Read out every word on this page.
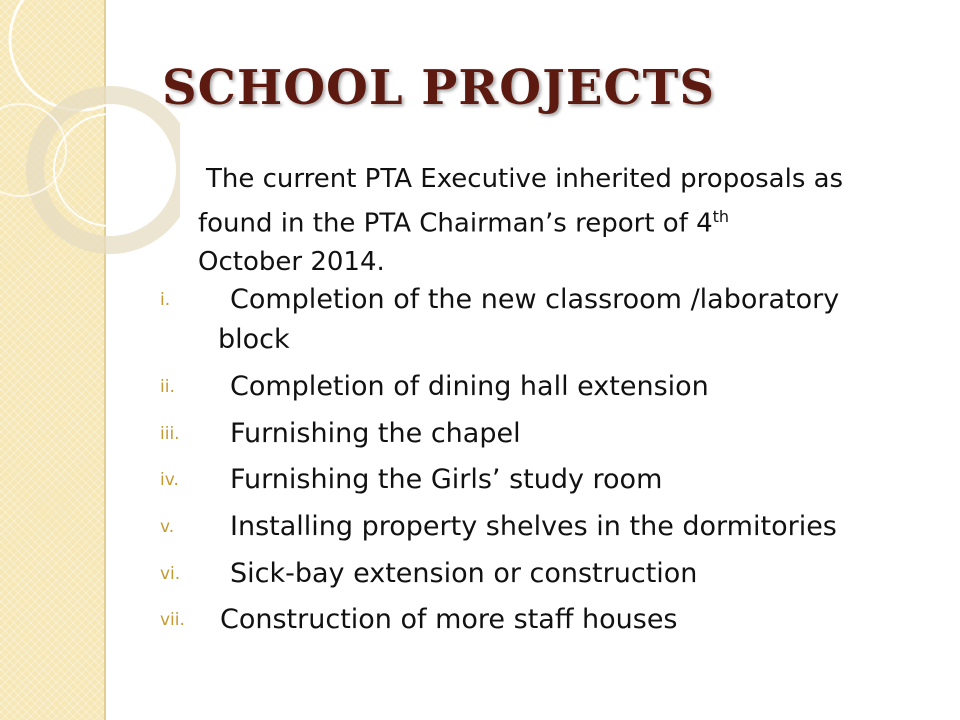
SCHOOL PROJECTS

The current PTA Executive inherited proposals as
found in the PTA Chairman’s report of 4th
October 2014.

i.	Completion of the new classroom /laboratory block
ii.	Completion of dining hall extension
iii.	Furnishing the chapel
iv.	Furnishing the Girls’ study room
v.	Installing property shelves in the dormitories
vi.	Sick-bay extension or construction
vii.	Construction of more staff houses
